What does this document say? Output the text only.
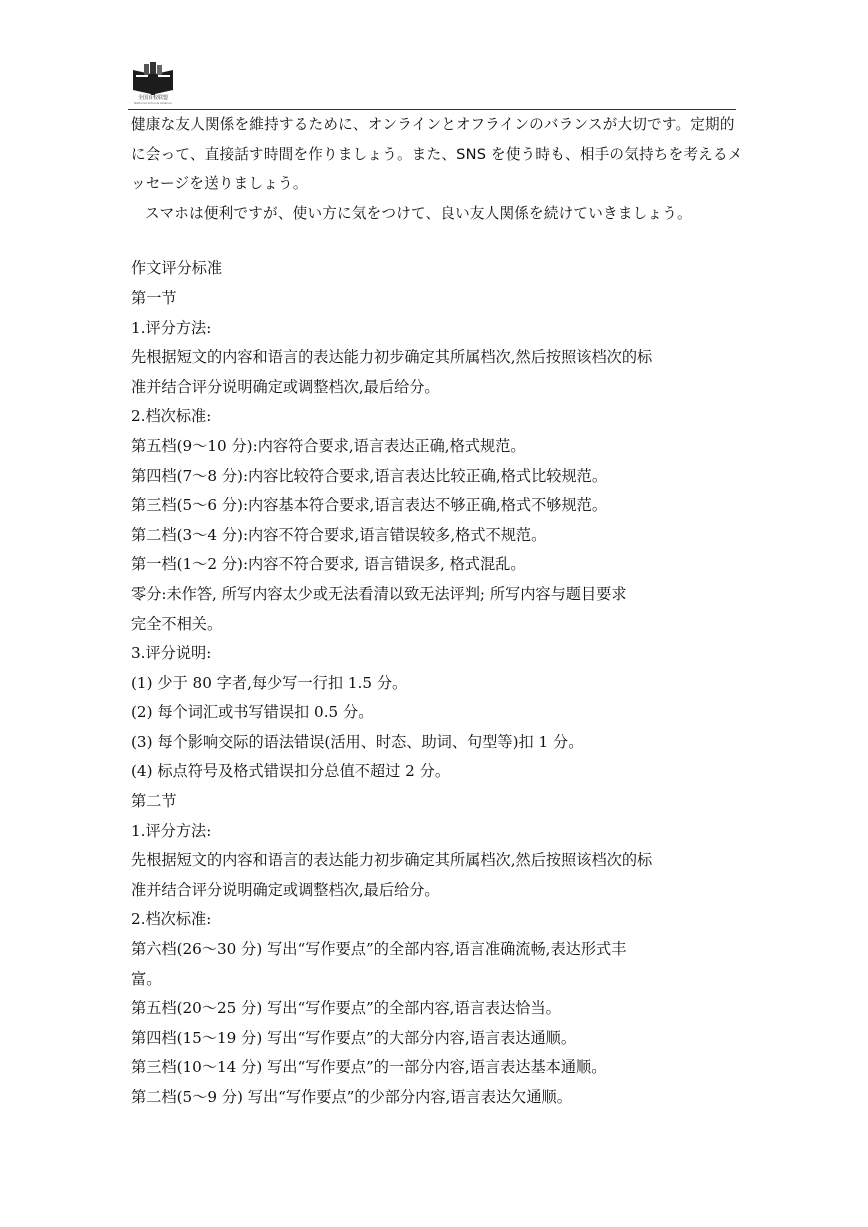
全国百校联盟
National Schools Alliance
健康な友人関係を維持するために、オンラインとオフラインのバランスが大切です。定期的
に会って、直接話す時間を作りましょう。また、SNS を使う時も、相手の気持ちを考えるメ
ッセージを送りましょう。
スマホは便利ですが、使い方に気をつけて、良い友人関係を続けていきましょう。
作文评分标准
第一节
1.评分方法:
先根据短文的内容和语言的表达能力初步确定其所属档次,然后按照该档次的标
准并结合评分说明确定或调整档次,最后给分。
2.档次标准:
第五档(9～10 分):内容符合要求,语言表达正确,格式规范。
第四档(7～8 分):内容比较符合要求,语言表达比较正确,格式比较规范。
第三档(5～6 分):内容基本符合要求,语言表达不够正确,格式不够规范。
第二档(3～4 分):内容不符合要求,语言错误较多,格式不规范。
第一档(1～2 分):内容不符合要求, 语言错误多, 格式混乱。
零分:未作答, 所写内容太少或无法看清以致无法评判; 所写内容与题目要求
完全不相关。
3.评分说明:
(1) 少于 80 字者,每少写一行扣 1.5 分。
(2) 每个词汇或书写错误扣 0.5 分。
(3) 每个影响交际的语法错误(活用、时态、助词、句型等)扣 1 分。
(4) 标点符号及格式错误扣分总值不超过 2 分。
第二节
1.评分方法:
先根据短文的内容和语言的表达能力初步确定其所属档次,然后按照该档次的标
准并结合评分说明确定或调整档次,最后给分。
2.档次标准:
第六档(26～30 分) 写出“写作要点”的全部内容,语言准确流畅,表达形式丰
富。
第五档(20～25 分) 写出“写作要点”的全部内容,语言表达恰当。
第四档(15～19 分) 写出“写作要点”的大部分内容,语言表达通顺。
第三档(10～14 分) 写出“写作要点”的一部分内容,语言表达基本通顺。
第二档(5～9 分) 写出“写作要点”的少部分内容,语言表达欠通顺。
